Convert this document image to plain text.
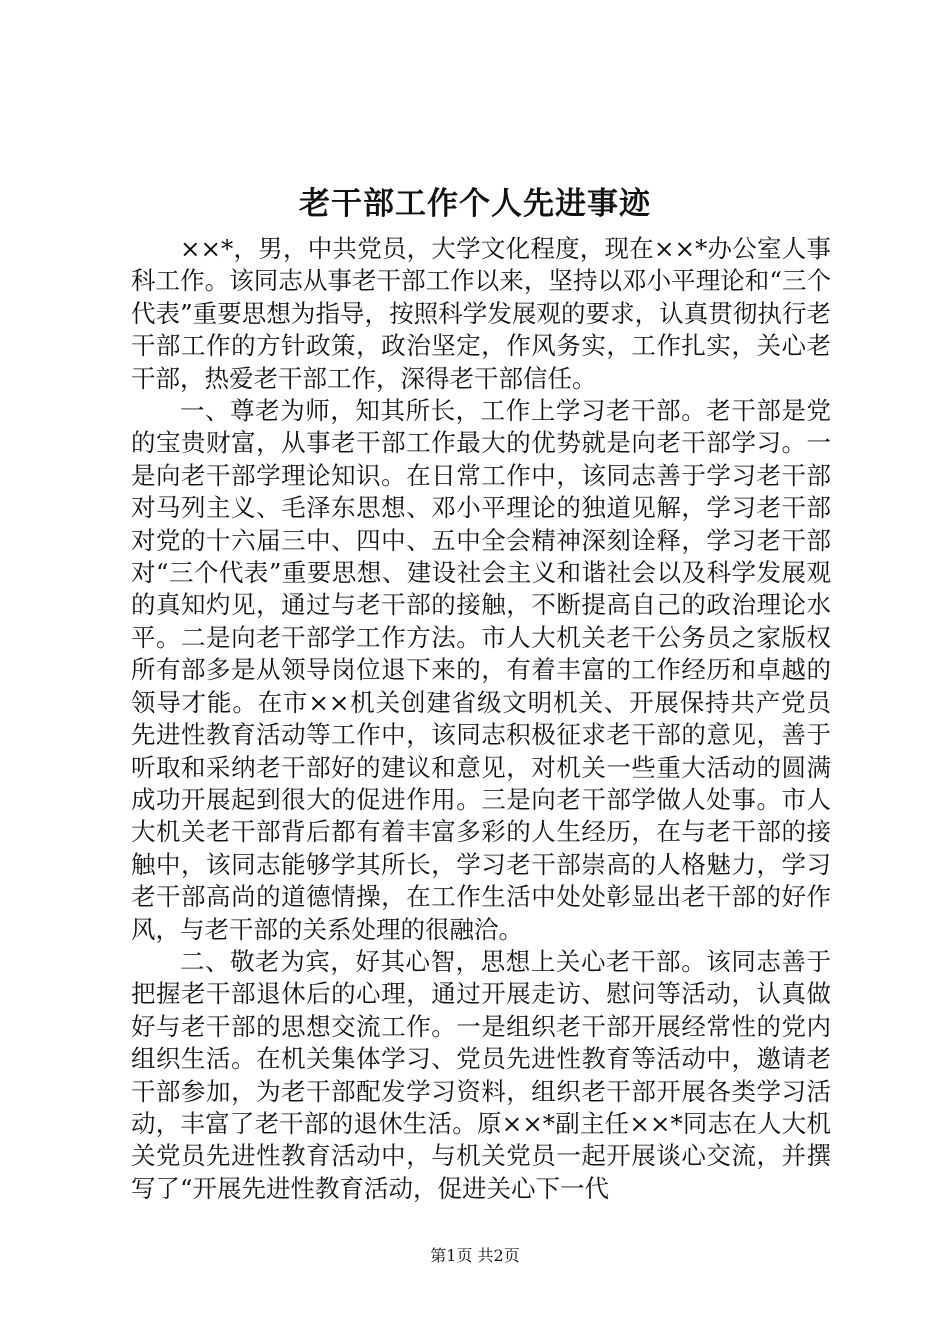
老干部工作个人先进事迹

××*，男，中共党员，大学文化程度，现在××*办公室人事科工作。该同志从事老干部工作以来，坚持以邓小平理论和“三个代表”重要思想为指导，按照科学发展观的要求，认真贯彻执行老干部工作的方针政策，政治坚定，作风务实，工作扎实，关心老干部，热爱老干部工作，深得老干部信任。

一、尊老为师，知其所长，工作上学习老干部。老干部是党的宝贵财富，从事老干部工作最大的优势就是向老干部学习。一是向老干部学理论知识。在日常工作中，该同志善于学习老干部对马列主义、毛泽东思想、邓小平理论的独道见解，学习老干部对党的十六届三中、四中、五中全会精神深刻诠释，学习老干部对“三个代表”重要思想、建设社会主义和谐社会以及科学发展观的真知灼见，通过与老干部的接触，不断提高自己的政治理论水平。二是向老干部学工作方法。市人大机关老干公务员之家版权所有部多是从领导岗位退下来的，有着丰富的工作经历和卓越的领导才能。在市××机关创建省级文明机关、开展保持共产党员先进性教育活动等工作中，该同志积极征求老干部的意见，善于听取和采纳老干部好的建议和意见，对机关一些重大活动的圆满成功开展起到很大的促进作用。三是向老干部学做人处事。市人大机关老干部背后都有着丰富多彩的人生经历，在与老干部的接触中，该同志能够学其所长，学习老干部崇高的人格魅力，学习老干部高尚的道德情操，在工作生活中处处彰显出老干部的好作风，与老干部的关系处理的很融洽。

二、敬老为宾，好其心智，思想上关心老干部。该同志善于把握老干部退休后的心理，通过开展走访、慰问等活动，认真做好与老干部的思想交流工作。一是组织老干部开展经常性的党内组织生活。在机关集体学习、党员先进性教育等活动中，邀请老干部参加，为老干部配发学习资料，组织老干部开展各类学习活动，丰富了老干部的退休生活。原××*副主任××*同志在人大机关党员先进性教育活动中，与机关党员一起开展谈心交流，并撰写了“开展先进性教育活动，促进关心下一代

第1页 共2页
